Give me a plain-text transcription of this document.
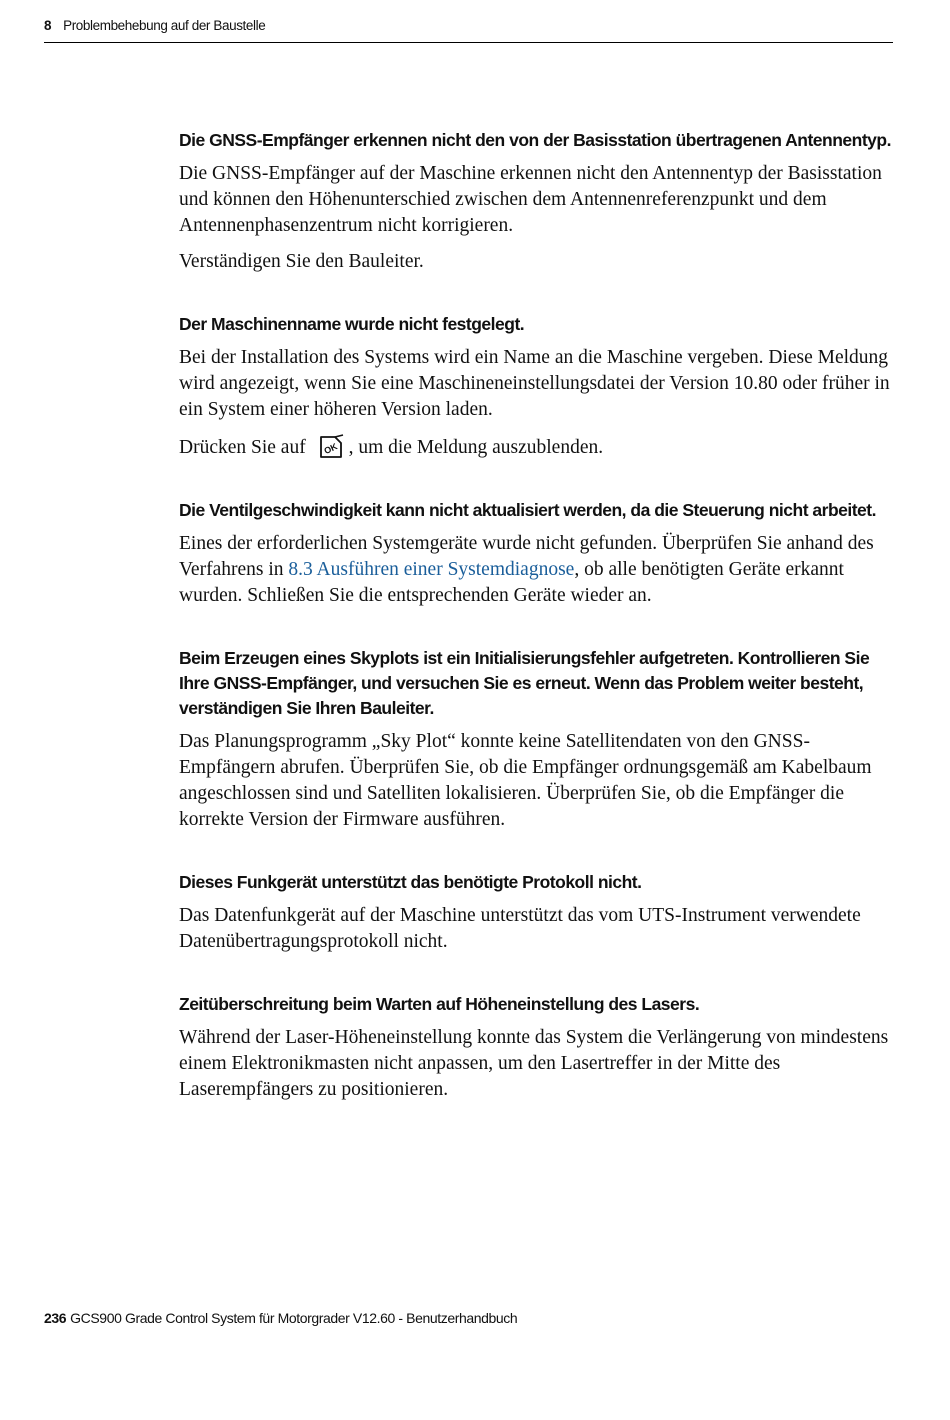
8 Problembehebung auf der Baustelle
Die GNSS-Empfänger erkennen nicht den von der Basisstation übertragenen Antennentyp.

Die GNSS-Empfänger auf der Maschine erkennen nicht den Antennentyp der Basisstation und können den Höhenunterschied zwischen dem Antennenreferenzpunkt und dem Antennenphasenzentrum nicht korrigieren.

Verständigen Sie den Bauleiter.

Der Maschinenname wurde nicht festgelegt.

Bei der Installation des Systems wird ein Name an die Maschine vergeben. Diese Meldung wird angezeigt, wenn Sie eine Maschineneinstellungsdatei der Version 10.80 oder früher in ein System einer höheren Version laden.

Drücken Sie auf OK , um die Meldung auszublenden.

Die Ventilgeschwindigkeit kann nicht aktualisiert werden, da die Steuerung nicht arbeitet.

Eines der erforderlichen Systemgeräte wurde nicht gefunden. Überprüfen Sie anhand des Verfahrens in 8.3 Ausführen einer Systemdiagnose, ob alle benötigten Geräte erkannt wurden. Schließen Sie die entsprechenden Geräte wieder an.

Beim Erzeugen eines Skyplots ist ein Initialisierungsfehler aufgetreten. Kontrollieren Sie Ihre GNSS-Empfänger, und versuchen Sie es erneut. Wenn das Problem weiter besteht, verständigen Sie Ihren Bauleiter.

Das Planungsprogramm „Sky Plot“ konnte keine Satellitendaten von den GNSS-Empfängern abrufen. Überprüfen Sie, ob die Empfänger ordnungsgemäß am Kabelbaum angeschlossen sind und Satelliten lokalisieren. Überprüfen Sie, ob die Empfänger die korrekte Version der Firmware ausführen.

Dieses Funkgerät unterstützt das benötigte Protokoll nicht.

Das Datenfunkgerät auf der Maschine unterstützt das vom UTS-Instrument verwendete Datenübertragungsprotokoll nicht.

Zeitüberschreitung beim Warten auf Höheneinstellung des Lasers.

Während der Laser-Höheneinstellung konnte das System die Verlängerung von mindestens einem Elektronikmasten nicht anpassen, um den Lasertreffer in der Mitte des Laserempfängers zu positionieren.

236 GCS900 Grade Control System für Motorgrader V12.60 - Benutzerhandbuch
